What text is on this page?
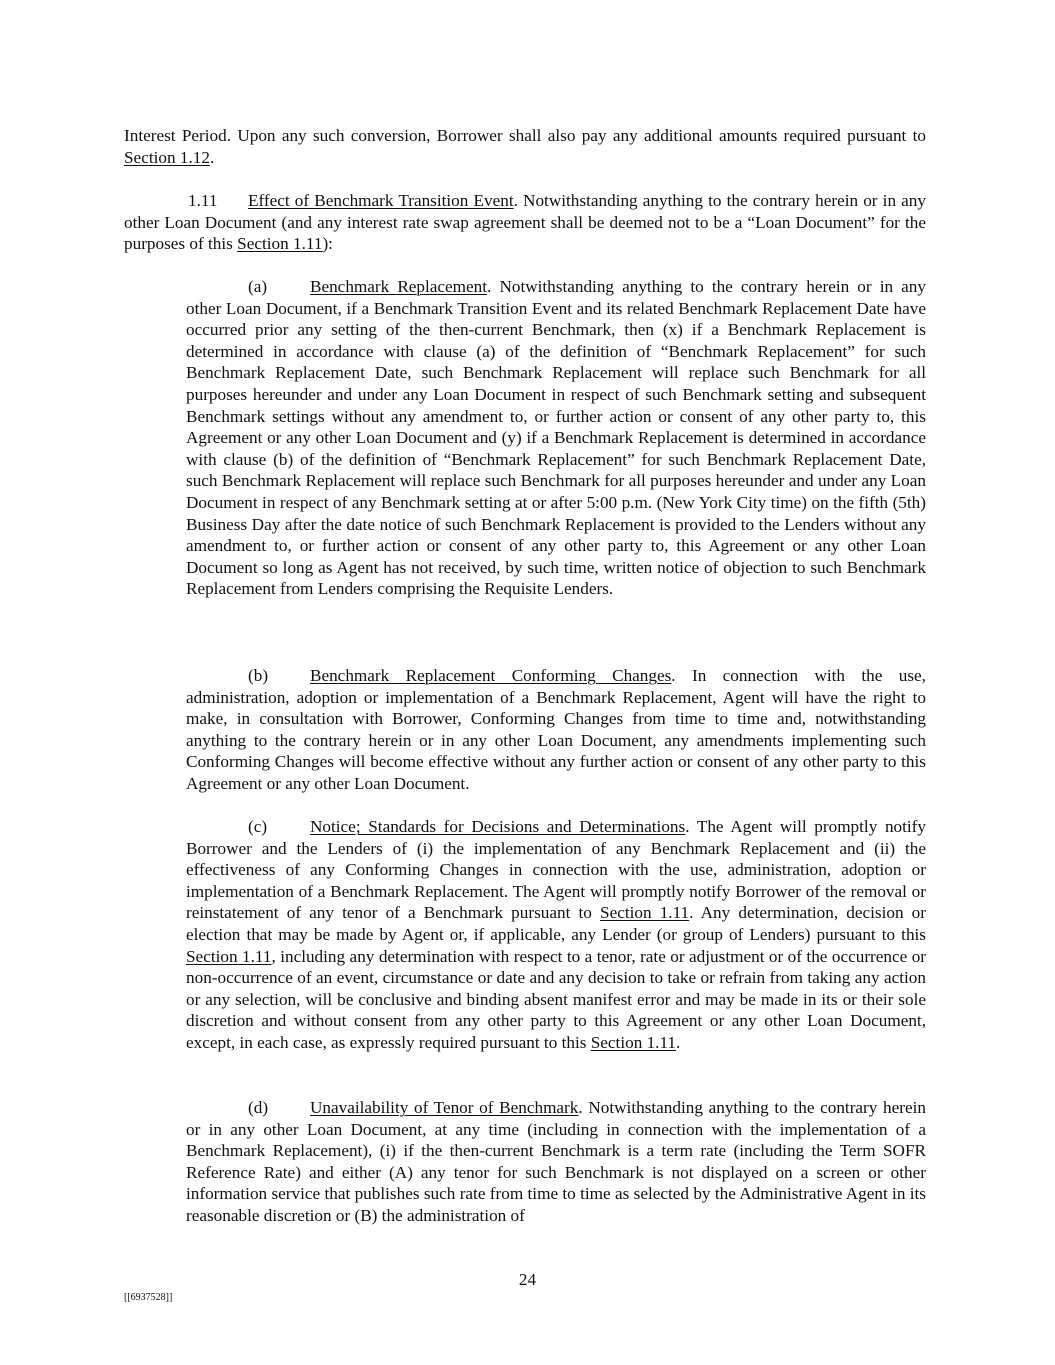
Interest Period. Upon any such conversion, Borrower shall also pay any additional amounts required pursuant to Section 1.12.

1.11 Effect of Benchmark Transition Event. Notwithstanding anything to the contrary herein or in any other Loan Document (and any interest rate swap agreement shall be deemed not to be a “Loan Document” for the purposes of this Section 1.11):

(a) Benchmark Replacement. Notwithstanding anything to the contrary herein or in any other Loan Document, if a Benchmark Transition Event and its related Benchmark Replacement Date have occurred prior any setting of the then-current Benchmark, then (x) if a Benchmark Replacement is determined in accordance with clause (a) of the definition of “Benchmark Replacement” for such Benchmark Replacement Date, such Benchmark Replacement will replace such Benchmark for all purposes hereunder and under any Loan Document in respect of such Benchmark setting and subsequent Benchmark settings without any amendment to, or further action or consent of any other party to, this Agreement or any other Loan Document and (y) if a Benchmark Replacement is determined in accordance with clause (b) of the definition of “Benchmark Replacement” for such Benchmark Replacement Date, such Benchmark Replacement will replace such Benchmark for all purposes hereunder and under any Loan Document in respect of any Benchmark setting at or after 5:00 p.m. (New York City time) on the fifth (5th) Business Day after the date notice of such Benchmark Replacement is provided to the Lenders without any amendment to, or further action or consent of any other party to, this Agreement or any other Loan Document so long as Agent has not received, by such time, written notice of objection to such Benchmark Replacement from Lenders comprising the Requisite Lenders.

(b) Benchmark Replacement Conforming Changes. In connection with the use, administration, adoption or implementation of a Benchmark Replacement, Agent will have the right to make, in consultation with Borrower, Conforming Changes from time to time and, notwithstanding anything to the contrary herein or in any other Loan Document, any amendments implementing such Conforming Changes will become effective without any further action or consent of any other party to this Agreement or any other Loan Document.

(c) Notice; Standards for Decisions and Determinations. The Agent will promptly notify Borrower and the Lenders of (i) the implementation of any Benchmark Replacement and (ii) the effectiveness of any Conforming Changes in connection with the use, administration, adoption or implementation of a Benchmark Replacement. The Agent will promptly notify Borrower of the removal or reinstatement of any tenor of a Benchmark pursuant to Section 1.11. Any determination, decision or election that may be made by Agent or, if applicable, any Lender (or group of Lenders) pursuant to this Section 1.11, including any determination with respect to a tenor, rate or adjustment or of the occurrence or non-occurrence of an event, circumstance or date and any decision to take or refrain from taking any action or any selection, will be conclusive and binding absent manifest error and may be made in its or their sole discretion and without consent from any other party to this Agreement or any other Loan Document, except, in each case, as expressly required pursuant to this Section 1.11.

(d) Unavailability of Tenor of Benchmark. Notwithstanding anything to the contrary herein or in any other Loan Document, at any time (including in connection with the implementation of a Benchmark Replacement), (i) if the then-current Benchmark is a term rate (including the Term SOFR Reference Rate) and either (A) any tenor for such Benchmark is not displayed on a screen or other information service that publishes such rate from time to time as selected by the Administrative Agent in its reasonable discretion or (B) the administration of

24
[[6937528]]
